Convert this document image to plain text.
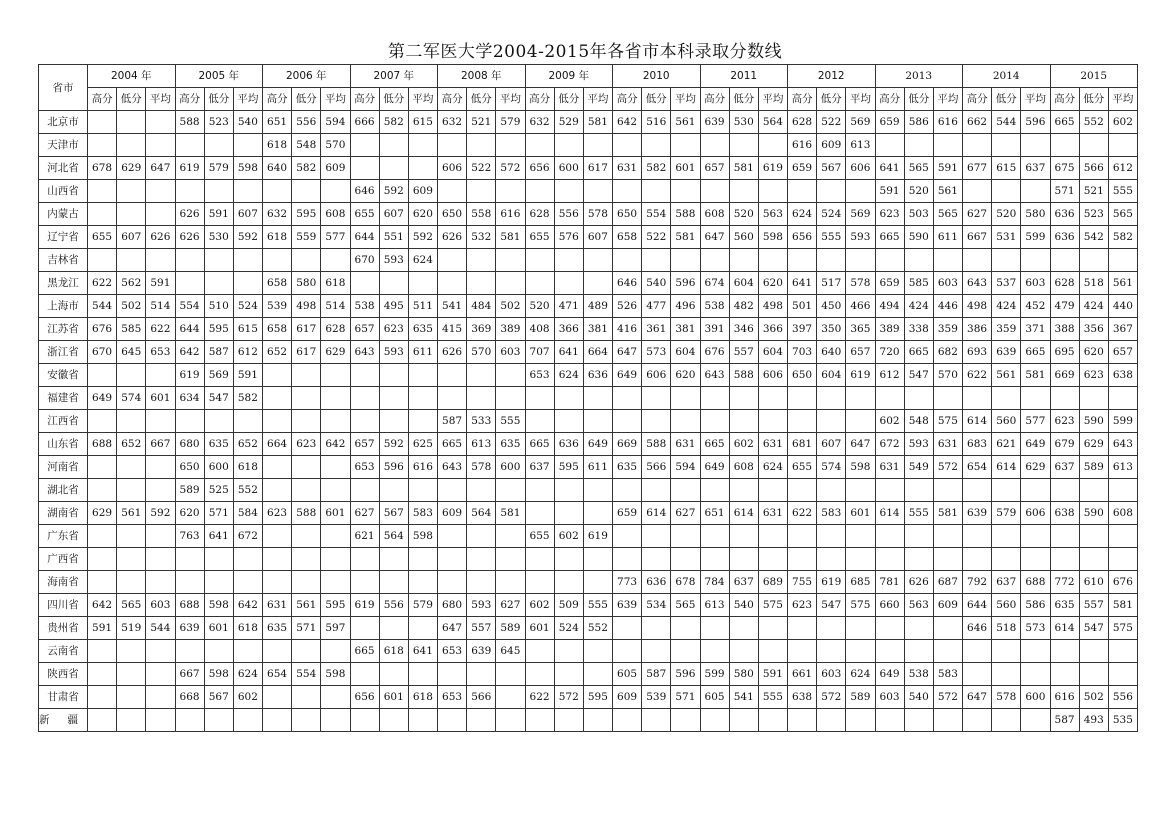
第二军医大学2004-2015年各省市本科录取分数线
省市	2004 年			2005 年			2006 年			2007 年			2008 年			2009 年			2010			2011			2012			2013			2014			2015		
	高分	低分	平均	高分	低分	平均	高分	低分	平均	高分	低分	平均	高分	低分	平均	高分	低分	平均	高分	低分	平均	高分	低分	平均	高分	低分	平均	高分	低分	平均	高分	低分	平均	高分	低分	平均
北京市				588	523	540	651	556	594	666	582	615	632	521	579	632	529	581	642	516	561	639	530	564	628	522	569	659	586	616	662	544	596	665	552	602
天津市							618	548	570																616	609	613									
河北省	678	629	647	619	579	598	640	582	609				606	522	572	656	600	617	631	582	601	657	581	619	659	567	606	641	565	591	677	615	637	675	566	612
山西省										646	592	609																591	520	561				571	521	555
内蒙古				626	591	607	632	595	608	655	607	620	650	558	616	628	556	578	650	554	588	608	520	563	624	524	569	623	503	565	627	520	580	636	523	565
辽宁省	655	607	626	626	530	592	618	559	577	644	551	592	626	532	581	655	576	607	658	522	581	647	560	598	656	555	593	665	590	611	667	531	599	636	542	582
吉林省										670	593	624																								
黑龙江	622	562	591				658	580	618										646	540	596	674	604	620	641	517	578	659	585	603	643	537	603	628	518	561
上海市	544	502	514	554	510	524	539	498	514	538	495	511	541	484	502	520	471	489	526	477	496	538	482	498	501	450	466	494	424	446	498	424	452	479	424	440
江苏省	676	585	622	644	595	615	658	617	628	657	623	635	415	369	389	408	366	381	416	361	381	391	346	366	397	350	365	389	338	359	386	359	371	388	356	367
浙江省	670	645	653	642	587	612	652	617	629	643	593	611	626	570	603	707	641	664	647	573	604	676	557	604	703	640	657	720	665	682	693	639	665	695	620	657
安徽省				619	569	591										653	624	636	649	606	620	643	588	606	650	604	619	612	547	570	622	561	581	669	623	638
福建省	649	574	601	634	547	582																														
江西省													587	533	555													602	548	575	614	560	577	623	590	599
山东省	688	652	667	680	635	652	664	623	642	657	592	625	665	613	635	665	636	649	669	588	631	665	602	631	681	607	647	672	593	631	683	621	649	679	629	643
河南省				650	600	618				653	596	616	643	578	600	637	595	611	635	566	594	649	608	624	655	574	598	631	549	572	654	614	629	637	589	613
湖北省				589	525	552																														
湖南省	629	561	592	620	571	584	623	588	601	627	567	583	609	564	581				659	614	627	651	614	631	622	583	601	614	555	581	639	579	606	638	590	608
广东省				763	641	672				621	564	598				655	602	619																		
广西省																																				
海南省																			773	636	678	784	637	689	755	619	685	781	626	687	792	637	688	772	610	676
四川省	642	565	603	688	598	642	631	561	595	619	556	579	680	593	627	602	509	555	639	534	565	613	540	575	623	547	575	660	563	609	644	560	586	635	557	581
贵州省	591	519	544	639	601	618	635	571	597				647	557	589	601	524	552													646	518	573	614	547	575
云南省										665	618	641	653	639	645																					
陕西省				667	598	624	654	554	598										605	587	596	599	580	591	661	603	624	649	538	583						
甘肃省				668	567	602				656	601	618	653	566		622	572	595	609	539	571	605	541	555	638	572	589	603	540	572	647	578	600	616	502	556
新疆																																		587	493	535
